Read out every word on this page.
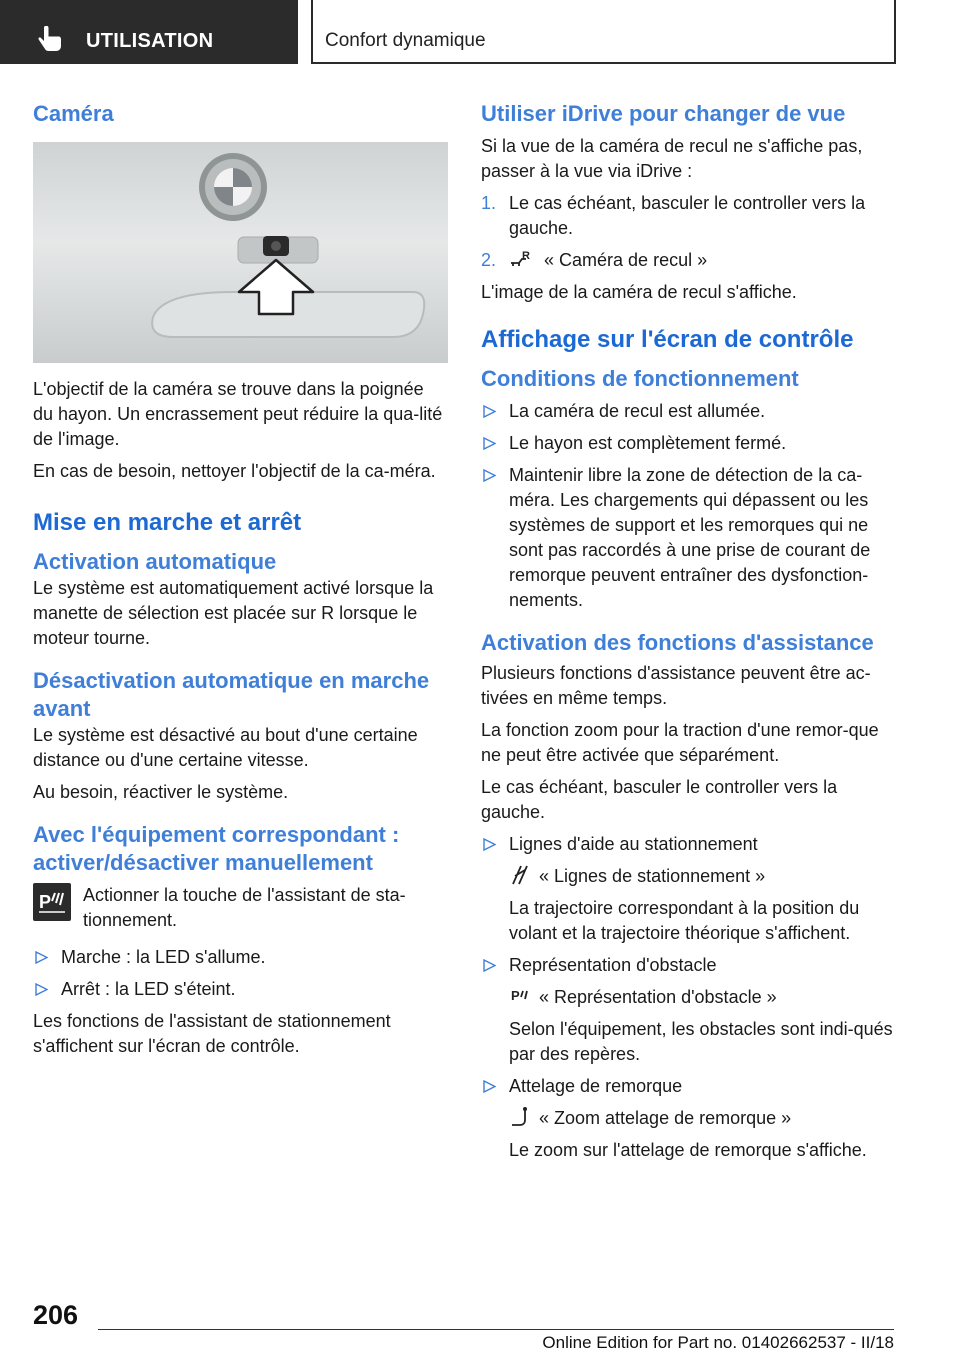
UTILISATION	Confort dynamique
Caméra

L'objectif de la caméra se trouve dans la poignée du hayon. Un encrassement peut réduire la qua-lité de l'image.

En cas de besoin, nettoyer l'objectif de la ca-méra.

Mise en marche et arrêt
Activation automatique

Le système est automatiquement activé lorsque la manette de sélection est placée sur R lorsque le moteur tourne.

Désactivation automatique en marche avant

Le système est désactivé au bout d'une certaine distance ou d'une certaine vitesse.

Au besoin, réactiver le système.

Avec l'équipement correspondant : activer/désactiver manuellement
P Actionner la touche de l'assistant de sta-tionnement.

Marche : la LED s'allume.
Arrêt : la LED s'éteint.

Les fonctions de l'assistant de stationnement s'affichent sur l'écran de contrôle.

Utiliser iDrive pour changer de vue

Si la vue de la caméra de recul ne s'affiche pas, passer à la vue via iDrive :

1. Le cas échéant, basculer le controller vers la gauche.
2. R « Caméra de recul »

L'image de la caméra de recul s'affiche.

Affichage sur l'écran de contrôle
Conditions de fonctionnement
La caméra de recul est allumée.
Le hayon est complètement fermé.
Maintenir libre la zone de détection de la ca-méra. Les chargements qui dépassent ou les systèmes de support et les remorques qui ne sont pas raccordés à une prise de courant de remorque peuvent entraîner des dysfonction-nements.
Activation des fonctions d'assistance

Plusieurs fonctions d'assistance peuvent être ac-tivées en même temps.

La fonction zoom pour la traction d'une remor-que ne peut être activée que séparément.

Le cas échéant, basculer le controller vers la gauche.

Lignes d'aide au stationnement
« Lignes de stationnement »
La trajectoire correspondant à la position du volant et la trajectoire théorique s'affichent.
Représentation d'obstacle
P « Représentation d'obstacle »
Selon l'équipement, les obstacles sont indi-qués par des repères.
Attelage de remorque
« Zoom attelage de remorque »
Le zoom sur l'attelage de remorque s'affiche.
206
Online Edition for Part no. 01402662537 - II/18
